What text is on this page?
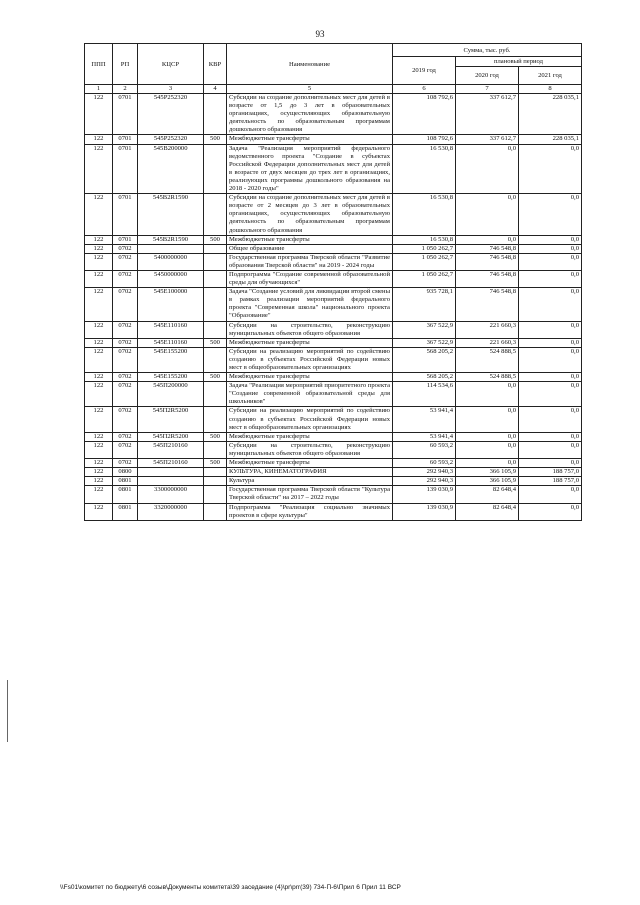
93
ППП	РП	КЦСР	КВР	Наименование	Сумма, тыс. руб.		
					2019 год	плановый период	
						2020 год	2021 год
1	2	3	4	5	6	7	8
122	0701	545P252320		Субсидии на создание дополнительных мест для детей в возрасте от 1,5 до 3 лет в образовательных организациях, осуществляющих образовательную деятельность по образовательным программам дошкольного образования	108 792,6	337 612,7	228 035,1
122	0701	545P252320	500	Межбюджетные трансферты	108 792,6	337 612,7	228 035,1
122	0701	545B200000		Задача "Реализация мероприятий федерального ведомственного проекта "Создание в субъектах Российской Федерации дополнительных мест для детей в возрасте от двух месяцев до трех лет в организациях, реализующих программы дошкольного образования на 2018 - 2020 годы"	16 530,8	0,0	0,0
122	0701	545B2R1590		Субсидии на создание дополнительных мест для детей в возрасте от 2 месяцев до 3 лет в образовательных организациях, осуществляющих образовательную деятельность по образовательным программам дошкольного образования	16 530,8	0,0	0,0
122	0701	545B2R1590	500	Межбюджетные трансферты	16 530,8	0,0	0,0
122	0702			Общее образование	1 050 262,7	746 548,8	0,0
122	0702	5400000000		Государственная программа Тверской области "Развитие образования Тверской области" на 2019 - 2024 годы	1 050 262,7	746 548,8	0,0
122	0702	5450000000		Подпрограмма "Создание современной образовательной среды для обучающихся"	1 050 262,7	746 548,8	0,0
122	0702	545E100000		Задача "Создание условий для ликвидации второй смены в рамках реализации мероприятий федерального проекта "Современная школа" национального проекта "Образование"	935 728,1	746 548,8	0,0
122	0702	545E110160		Субсидии на строительство, реконструкцию муниципальных объектов общего образования	367 522,9	221 660,3	0,0
122	0702	545E110160	500	Межбюджетные трансферты	367 522,9	221 660,3	0,0
122	0702	545E155200		Субсидии на реализацию мероприятий по содействию созданию в субъектах Российской Федерации новых мест в общеобразовательных организациях	568 205,2	524 888,5	0,0
122	0702	545E155200	500	Межбюджетные трансферты	568 205,2	524 888,5	0,0
122	0702	545П200000		Задача "Реализация мероприятий приоритетного проекта "Создание современной образовательной среды для школьников"	114 534,6	0,0	0,0
122	0702	545П2R5200		Субсидии на реализацию мероприятий по содействию созданию в субъектах Российской Федерации новых мест в общеобразовательных организациях	53 941,4	0,0	0,0
122	0702	545П2R5200	500	Межбюджетные трансферты	53 941,4	0,0	0,0
122	0702	545П210160		Субсидии на строительство, реконструкцию муниципальных объектов общего образования	60 593,2	0,0	0,0
122	0702	545П210160	500	Межбюджетные трансферты	60 593,2	0,0	0,0
122	0800			КУЛЬТУРА, КИНЕМАТОГРАФИЯ	292 940,3	366 105,9	188 757,0
122	0801			Культура	292 940,3	366 105,9	188 757,0
122	0801	3300000000		Государственная программа Тверской области "Культура Тверской области" на 2017 – 2022 годы	139 030,9	82 648,4	0,0
122	0801	3320000000		Подпрограмма "Реализация социально значимых проектов в сфере культуры"	139 030,9	82 648,4	0,0
\\Fs01\комитет по бюджету\6 созыв\Документы комитета\39 заседание (4)\pr\prr(39) 734-П-6\Прил 6 Прил 11 ВСР
